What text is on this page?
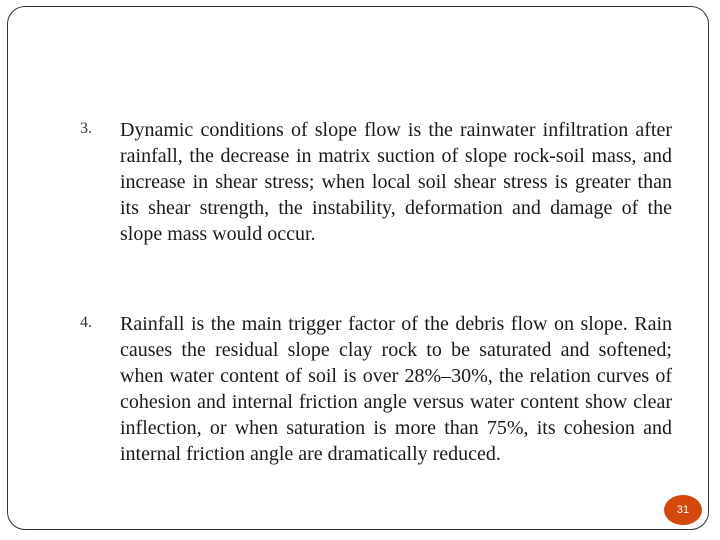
3.	Dynamic conditions of slope flow is the rainwater infiltration after rainfall, the decrease in matrix suction of slope rock-soil mass, and increase in shear stress; when local soil shear stress is greater than its shear strength, the instability, deformation and damage of the slope mass would occur.
4.	Rainfall is the main trigger factor of the debris flow on slope. Rain causes the residual slope clay rock to be saturated and softened; when water content of soil is over 28%–30%, the relation curves of cohesion and internal friction angle versus water content show clear inflection, or when saturation is more than 75%, its cohesion and internal friction angle are dramatically reduced.
31
